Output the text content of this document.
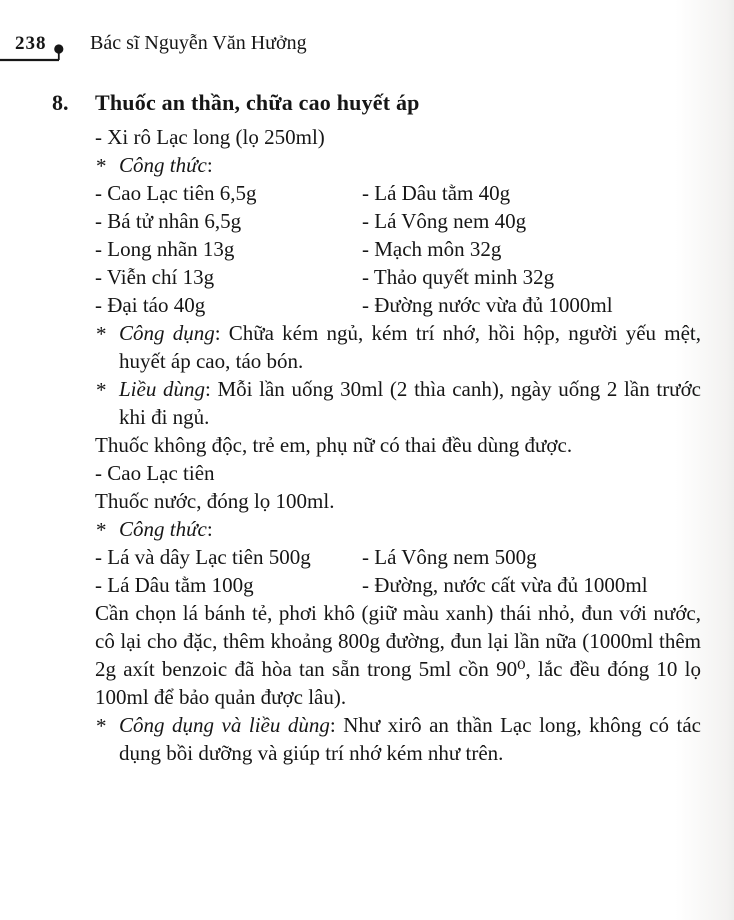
238 Bác sĩ Nguyễn Văn Hưởng
8. Thuốc an thần, chữa cao huyết áp

- Xi rô Lạc long (lọ 250ml)

* Công thức:

- Cao Lạc tiên 6,5g	- Lá Dâu tằm 40g
- Bá tử nhân 6,5g	- Lá Vông nem 40g
- Long nhãn 13g	- Mạch môn 32g
- Viễn chí 13g	- Thảo quyết minh 32g
- Đại táo 40g	- Đường nước vừa đủ 1000ml

* Công dụng: Chữa kém ngủ, kém trí nhớ, hồi hộp, người yếu mệt, huyết áp cao, táo bón.

* Liều dùng: Mỗi lần uống 30ml (2 thìa canh), ngày uống 2 lần trước khi đi ngủ.

Thuốc không độc, trẻ em, phụ nữ có thai đều dùng được.

- Cao Lạc tiên

Thuốc nước, đóng lọ 100ml.

* Công thức:

- Lá và dây Lạc tiên 500g	- Lá Vông nem 500g
- Lá Dâu tằm 100g	- Đường, nước cất vừa đủ 1000ml

Cần chọn lá bánh tẻ, phơi khô (giữ màu xanh) thái nhỏ, đun với nước, cô lại cho đặc, thêm khoảng 800g đường, đun lại lần nữa (1000ml thêm 2g axít benzoic đã hòa tan sẵn trong 5ml cồn 90⁰, lắc đều đóng 10 lọ 100ml để bảo quản được lâu).

* Công dụng và liều dùng: Như xirô an thần Lạc long, không có tác dụng bồi dưỡng và giúp trí nhớ kém như trên.
